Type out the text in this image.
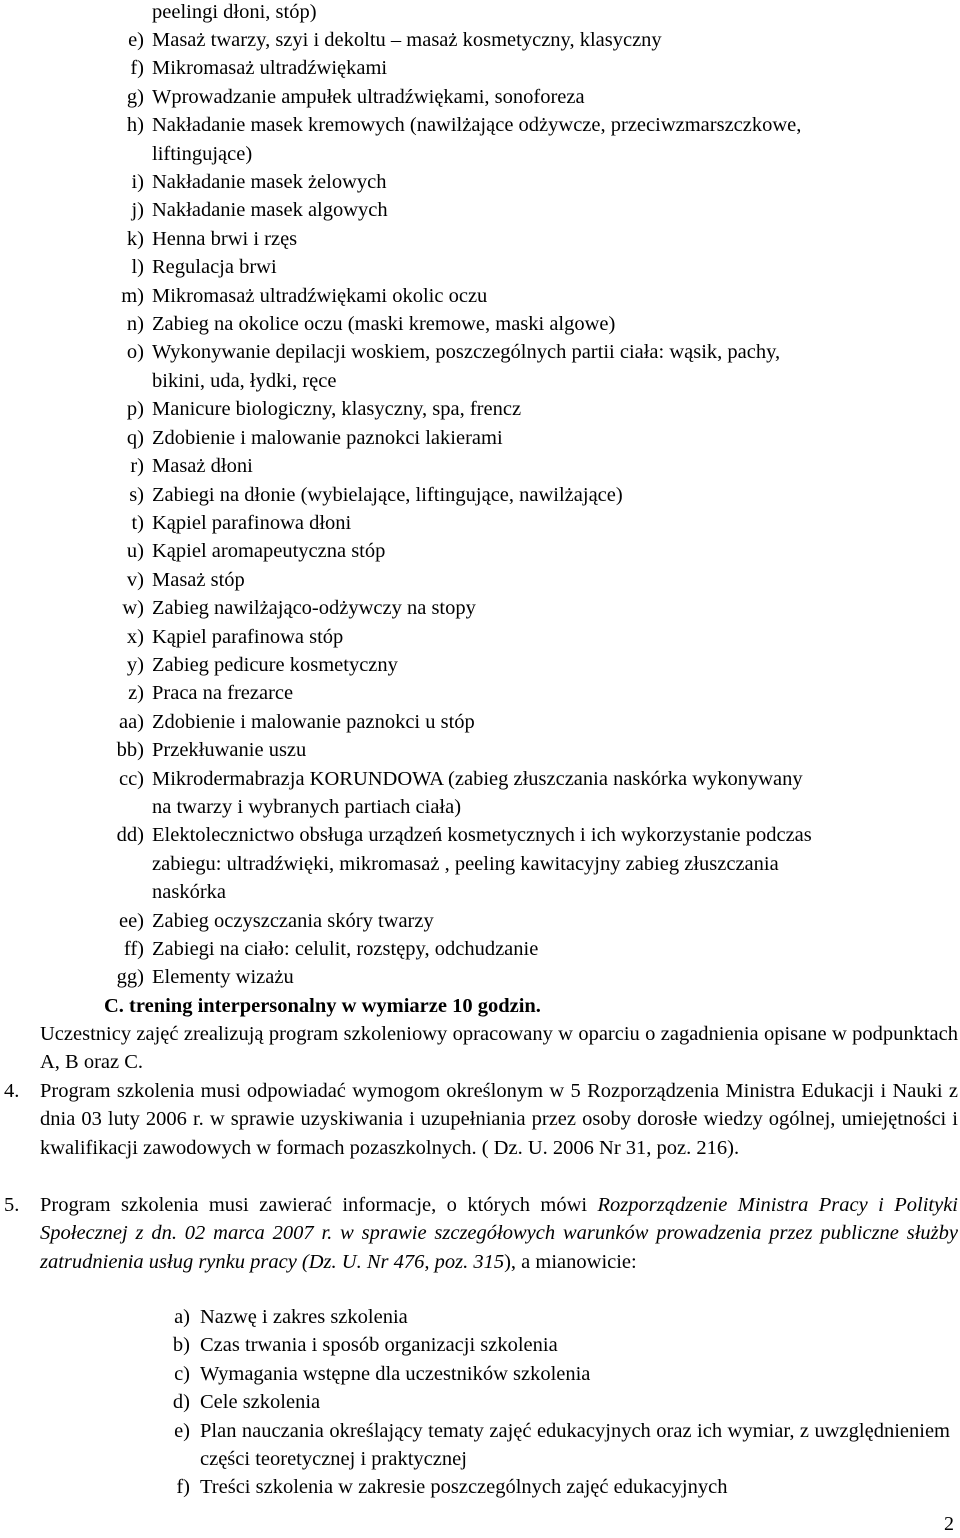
peelingi dłoni, stóp)
e) Masaż twarzy, szyi i dekoltu – masaż kosmetyczny, klasyczny
f) Mikromasaż ultradźwiękami
g) Wprowadzanie ampułek ultradźwiękami, sonoforeza
h) Nakładanie masek kremowych (nawilżające odżywcze, przeciwzmarszczkowe,
liftingujące)
i) Nakładanie masek żelowych
j) Nakładanie masek algowych
k) Henna brwi i rzęs
l) Regulacja brwi
m) Mikromasaż ultradźwiękami okolic oczu
n) Zabieg na okolice oczu (maski kremowe, maski algowe)
o) Wykonywanie depilacji woskiem, poszczególnych partii ciała: wąsik, pachy,
bikini, uda, łydki, ręce
p) Manicure biologiczny, klasyczny, spa, frencz
q) Zdobienie i malowanie paznokci lakierami
r) Masaż dłoni
s) Zabiegi na dłonie (wybielające, liftingujące, nawilżające)
t) Kąpiel parafinowa dłoni
u) Kąpiel aromapeutyczna stóp
v) Masaż stóp
w) Zabieg nawilżająco-odżywczy na stopy
x) Kąpiel parafinowa stóp
y) Zabieg pedicure kosmetyczny
z) Praca na frezarce
aa) Zdobienie i malowanie paznokci u stóp
bb) Przekłuwanie uszu
cc) Mikrodermabrazja KORUNDOWA (zabieg złuszczania naskórka wykonywany
na twarzy i wybranych partiach ciała)
dd) Elektolecznictwo obsługa urządzeń kosmetycznych i ich wykorzystanie podczas
zabiegu: ultradźwięki, mikromasaż , peeling kawitacyjny zabieg złuszczania
naskórka
ee) Zabieg oczyszczania skóry twarzy
ff) Zabiegi na ciało: celulit, rozstępy, odchudzanie
gg) Elementy wizażu
C. trening interpersonalny w wymiarze 10 godzin.
Uczestnicy zajęć zrealizują program szkoleniowy opracowany w oparciu o zagadnienia opisane w podpunktach A, B oraz C.
4. Program szkolenia musi odpowiadać wymogom określonym w 5 Rozporządzenia Ministra Edukacji i Nauki z dnia 03 luty 2006 r. w sprawie uzyskiwania i uzupełniania przez osoby dorosłe wiedzy ogólnej, umiejętności i kwalifikacji zawodowych w formach pozaszkolnych. ( Dz. U. 2006 Nr 31, poz. 216).
5. Program szkolenia musi zawierać informacje, o których mówi Rozporządzenie Ministra Pracy i Polityki Społecznej z dn. 02 marca 2007 r. w sprawie szczegółowych warunków prowadzenia przez publiczne służby zatrudnienia usług rynku pracy (Dz. U. Nr 476, poz. 315), a mianowicie:
a) Nazwę i zakres szkolenia
b) Czas trwania i sposób organizacji szkolenia
c) Wymagania wstępne dla uczestników szkolenia
d) Cele szkolenia
e) Plan nauczania określający tematy zajęć edukacyjnych oraz ich wymiar, z uwzględnieniem części teoretycznej i praktycznej
f) Treści szkolenia w zakresie poszczególnych zajęć edukacyjnych
2
